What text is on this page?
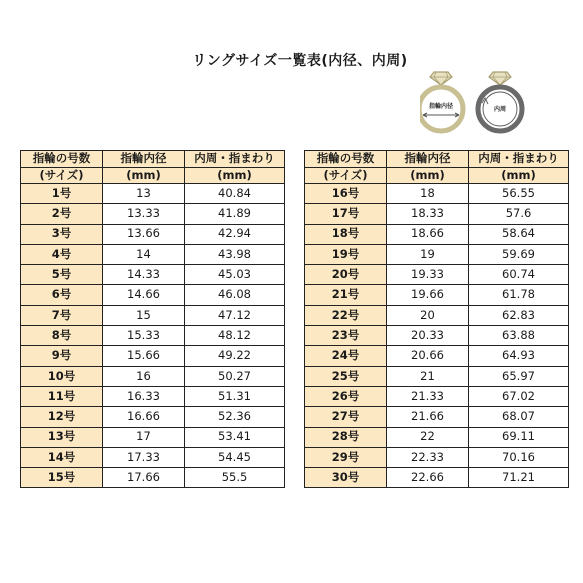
リングサイズ一覧表(内径、内周)
指輪内径	内周
指輪の号数	指輪内径	内周・指まわり
(サイズ)	(mm)	(mm)
1号	13	40.84
2号	13.33	41.89
3号	13.66	42.94
4号	14	43.98
5号	14.33	45.03
6号	14.66	46.08
7号	15	47.12
8号	15.33	48.12
9号	15.66	49.22
10号	16	50.27
11号	16.33	51.31
12号	16.66	52.36
13号	17	53.41
14号	17.33	54.45
15号	17.66	55.5
指輪の号数	指輪内径	内周・指まわり
(サイズ)	(mm)	(mm)
16号	18	56.55
17号	18.33	57.6
18号	18.66	58.64
19号	19	59.69
20号	19.33	60.74
21号	19.66	61.78
22号	20	62.83
23号	20.33	63.88
24号	20.66	64.93
25号	21	65.97
26号	21.33	67.02
27号	21.66	68.07
28号	22	69.11
29号	22.33	70.16
30号	22.66	71.21
